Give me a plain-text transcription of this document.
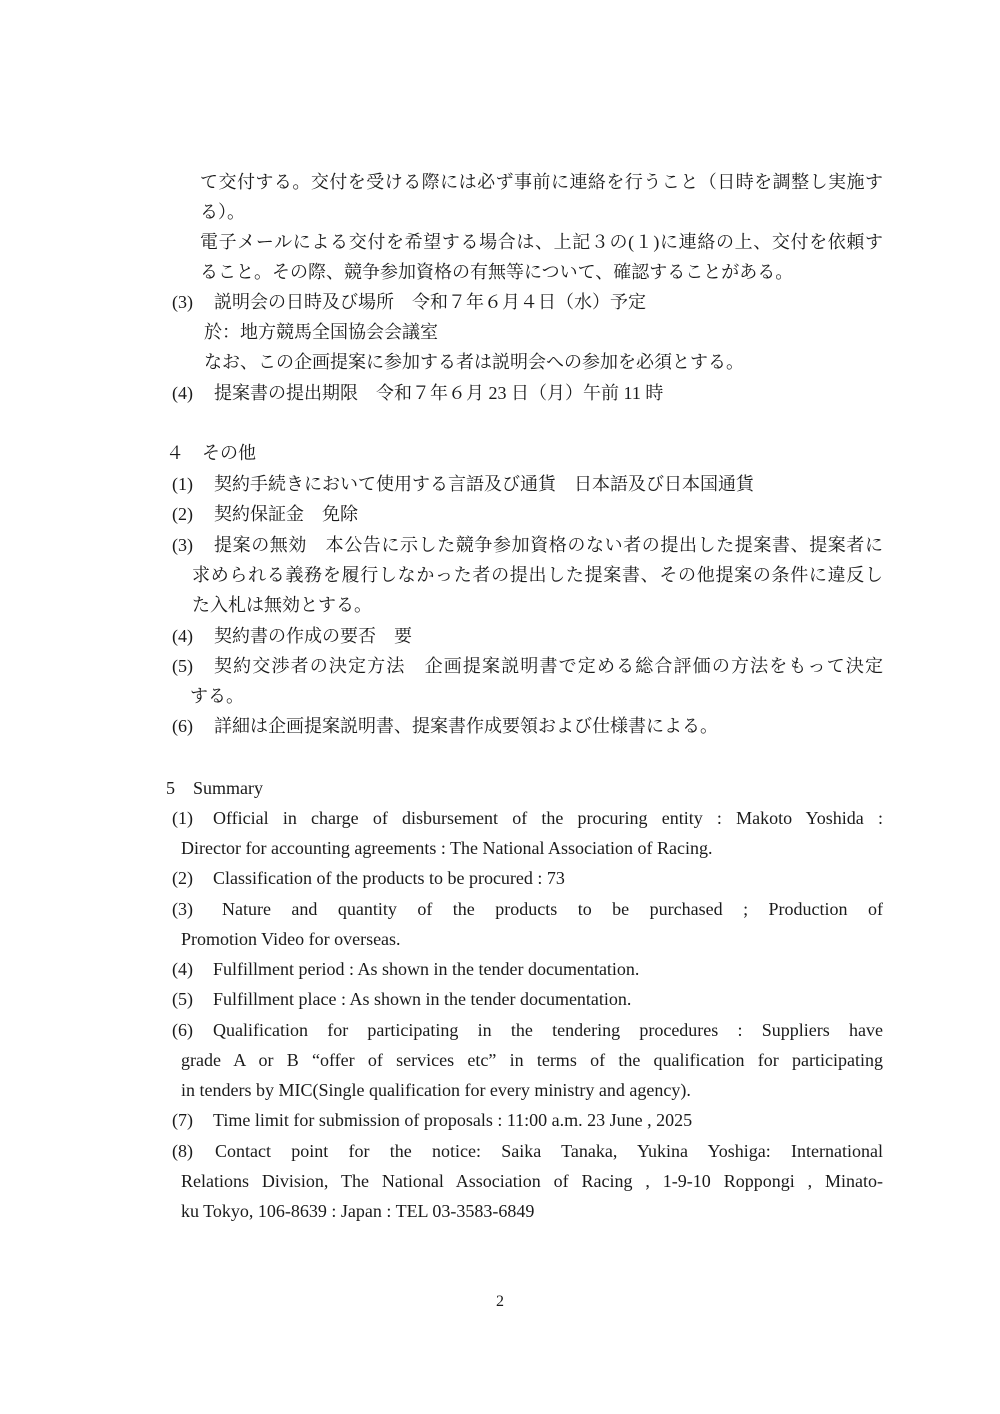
て交付する。交付を受ける際には必ず事前に連絡を行うこと（日時を調整し実施す
る）。
電子メールによる交付を希望する場合は、上記３の(１)に連絡の上、交付を依頼す
ること。その際、競争参加資格の有無等について、確認することがある。
(3) 説明会の日時及び場所　令和７年６月４日（水）予定
於：地方競馬全国協会会議室
なお、この企画提案に参加する者は説明会への参加を必須とする。
(4) 提案書の提出期限　令和７年６月 23 日（月）午前 11 時
４　その他
(1) 契約手続きにおいて使用する言語及び通貨　日本語及び日本国通貨
(2) 契約保証金　免除
(3) 提案の無効　本公告に示した競争参加資格のない者の提出した提案書、提案者に
求められる義務を履行しなかった者の提出した提案書、その他提案の条件に違反し
た入札は無効とする。
(4) 契約書の作成の要否　要
(5) 契約交渉者の決定方法　企画提案説明書で定める総合評価の方法をもって決定
する。
(6) 詳細は企画提案説明書、提案書作成要領および仕様書による。
5　Summary
(1) Official in charge of disbursement of the procuring entity : Makoto Yoshida :
Director for accounting agreements : The National Association of Racing.
(2) Classification of the products to be procured : 73
(3) Nature and quantity of the products to be purchased ; Production of
Promotion Video for overseas.
(4) Fulfillment period : As shown in the tender documentation.
(5) Fulfillment place : As shown in the tender documentation.
(6) Qualification for participating in the tendering procedures : Suppliers have
grade A or B “offer of services etc” in terms of the qualification for participating
in tenders by MIC(Single qualification for every ministry and agency).
(7) Time limit for submission of proposals : 11:00 a.m. 23 June , 2025
(8) Contact point for the notice: Saika Tanaka, Yukina Yoshiga: International
Relations Division, The National Association of Racing , 1-9-10 Roppongi , Minato-
ku Tokyo, 106-8639 : Japan : TEL 03-3583-6849
2
